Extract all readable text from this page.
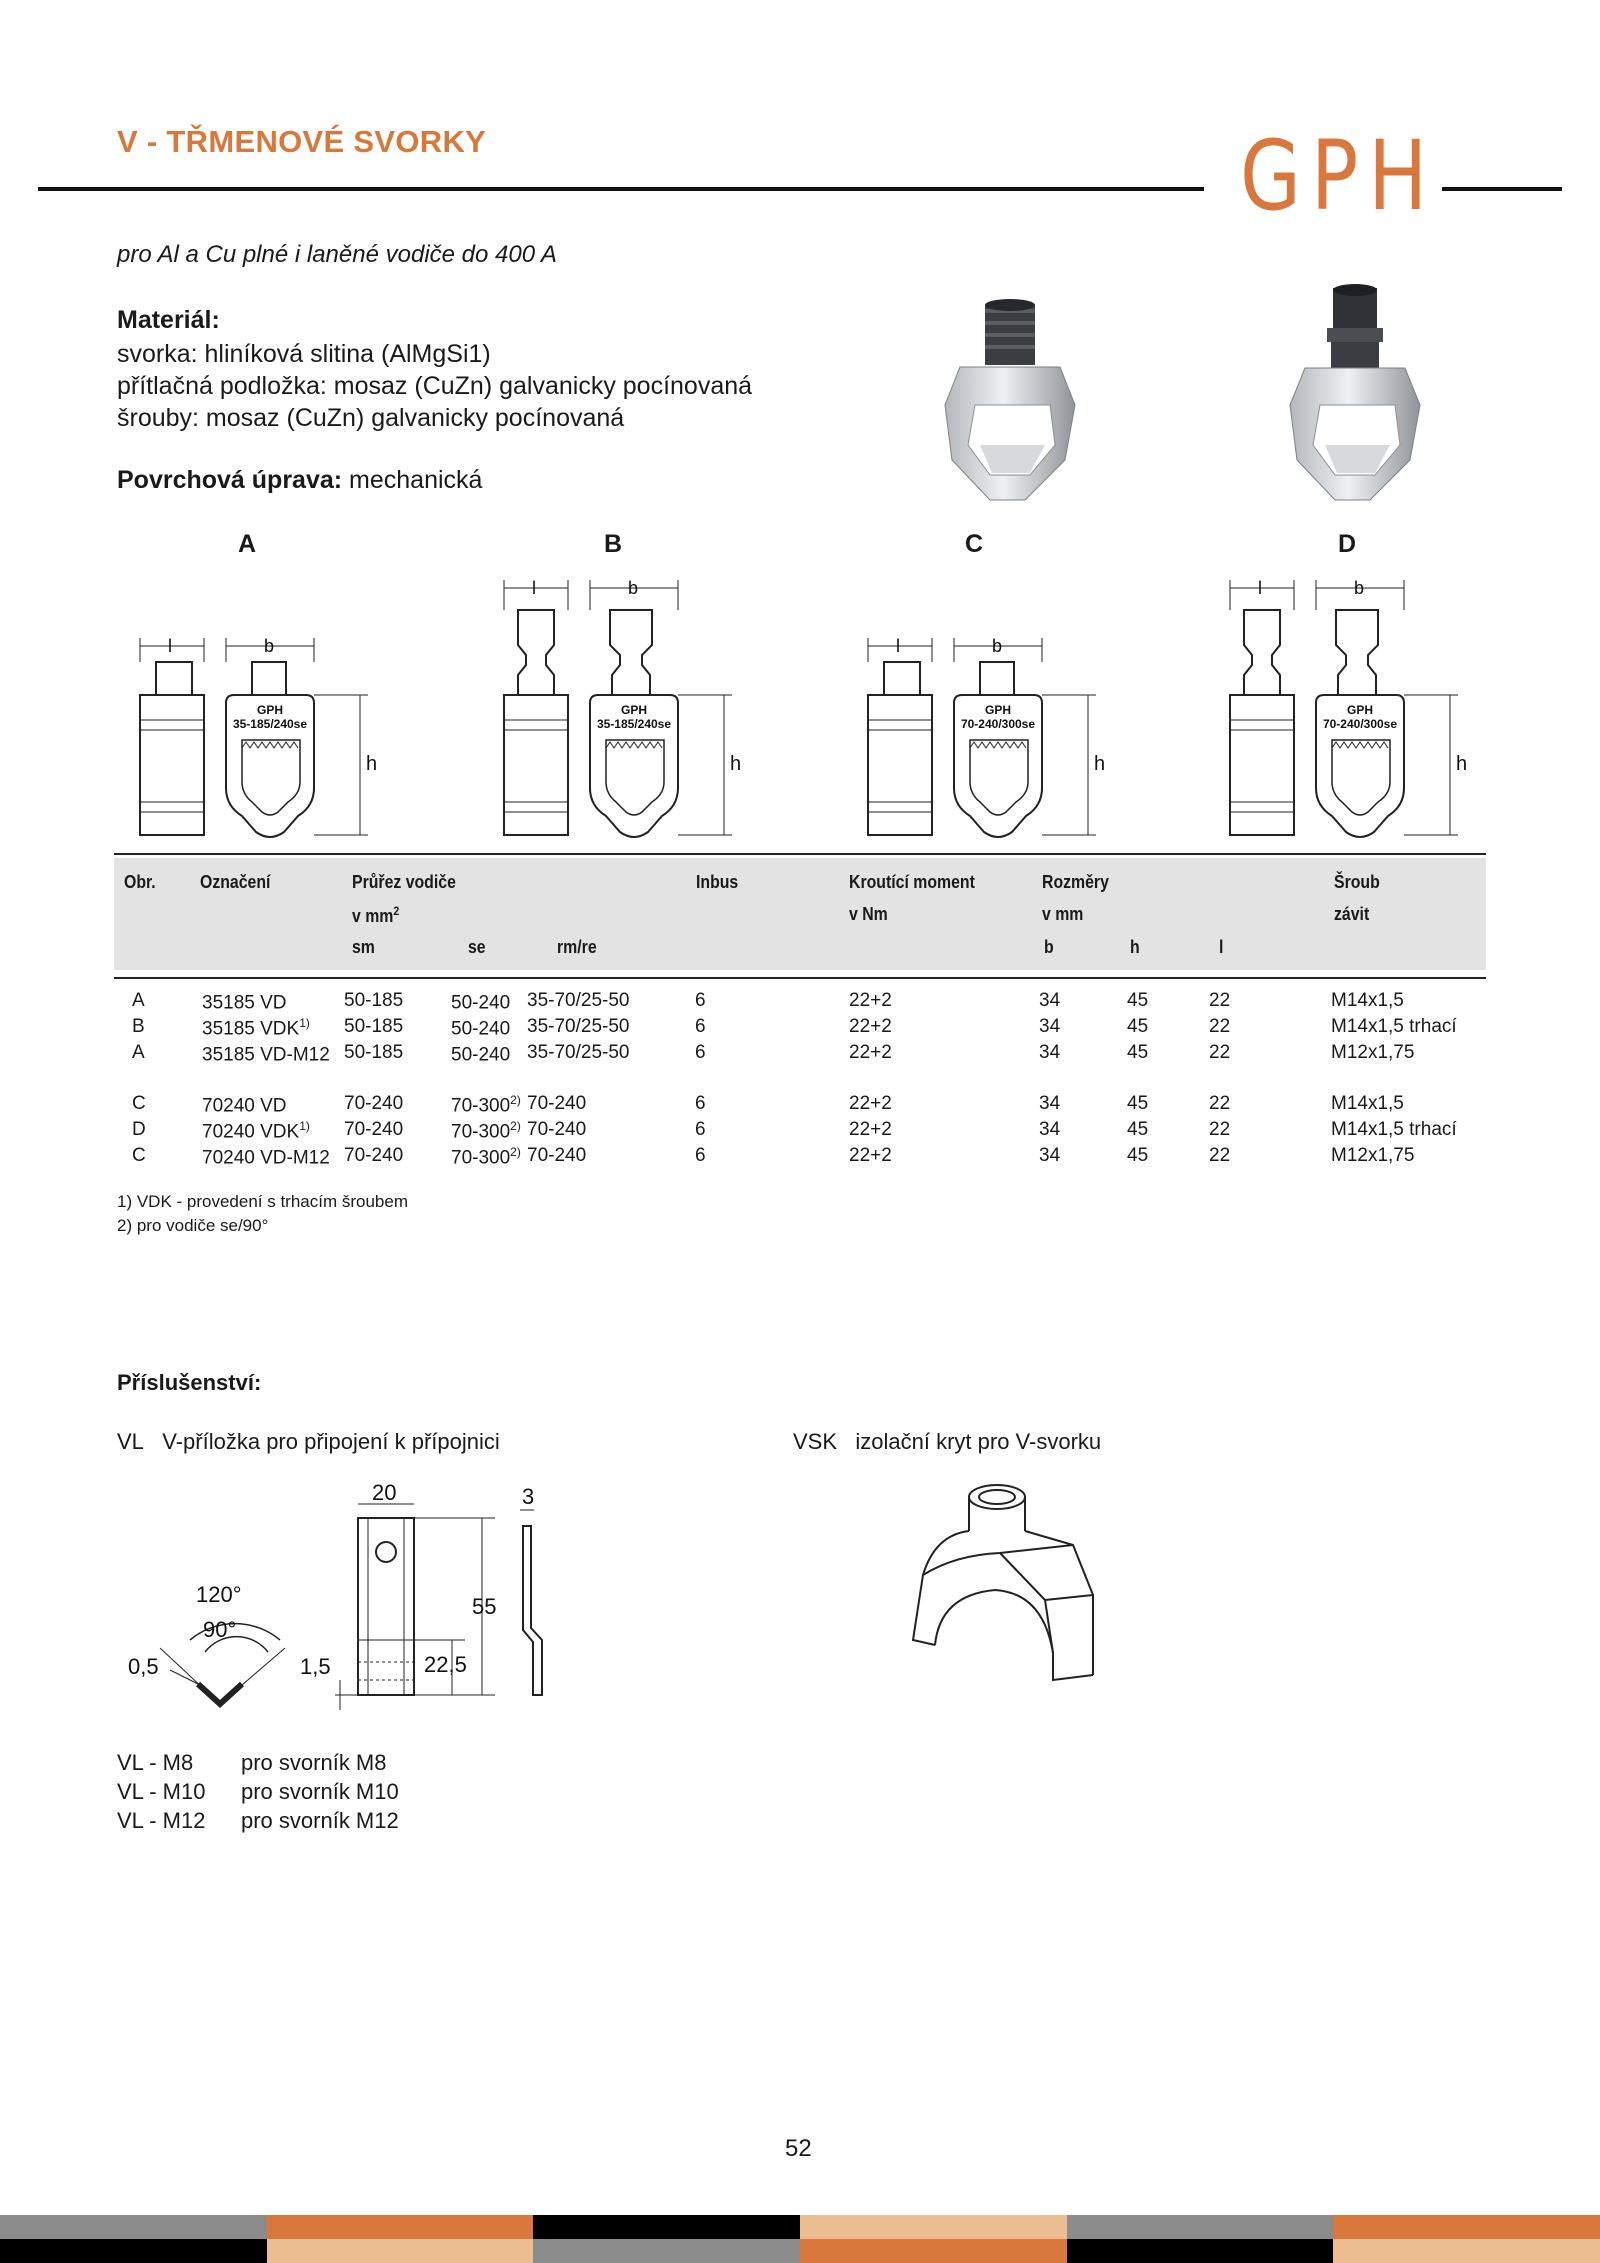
V - TŘMENOVÉ SVORKY	GPH
pro Al a Cu plné i laněné vodiče do 400 A
Materiál:
svorka: hliníková slitina (AlMgSi1)
přítlačná podložka: mosaz (CuZn) galvanicky pocínovaná
šrouby: mosaz (CuZn) galvanicky pocínovaná
Povrchová úprava: mechanická
A	B	C	D
l	b
h
GPH
35-185/240se
l	b
h
GPH
35-185/240se
l	b
h
GPH
70-240/300se
l	b
h
GPH
70-240/300se
Obr. Označení	Průřez vodiče
v $mm^2$
sm	se	rm/re
Inbus	Kroutící moment
v Nm
Rozměry
v mm
b	h	l
Šroub
závit
A	35185 VD	50-185	50-240 35-70/25-50	6	22+2	34	45	22	M14x1,5
B	35185 VDK$^{1)}$ 50-185	50-240 35-70/25-50	6	22+2	34	45	22	M14x1,5 trhací
A	35185 VD-M12 50-185	50-240 35-70/25-50	6	22+2	34	45	22	M12x1,75
C	70240 VD	70-240	70-300$^{2)}$ 70-240	6	22+2	34	45	22	M14x1,5
D	70240 VDK$^{1)}$ 70-240	70-300$^{2)}$ 70-240	6	22+2	34	45	22	M14x1,5 trhací
C	70240 VD-M12 70-240	70-300$^{2)}$ 70-240	6	22+2	34	45	22	M12x1,75
1) VDK - provedení s trhacím šroubem
2) pro vodiče se/90°
Příslušenství:
VL V-příložka pro připojení k přípojnici	VSK izolační kryt pro V-svorku
120°
90°
0,5	1,5
20	3
55
22,5
VL - M8 pro svorník M8
VL - M10 pro svorník M10
VL - M12 pro svorník M12
52
